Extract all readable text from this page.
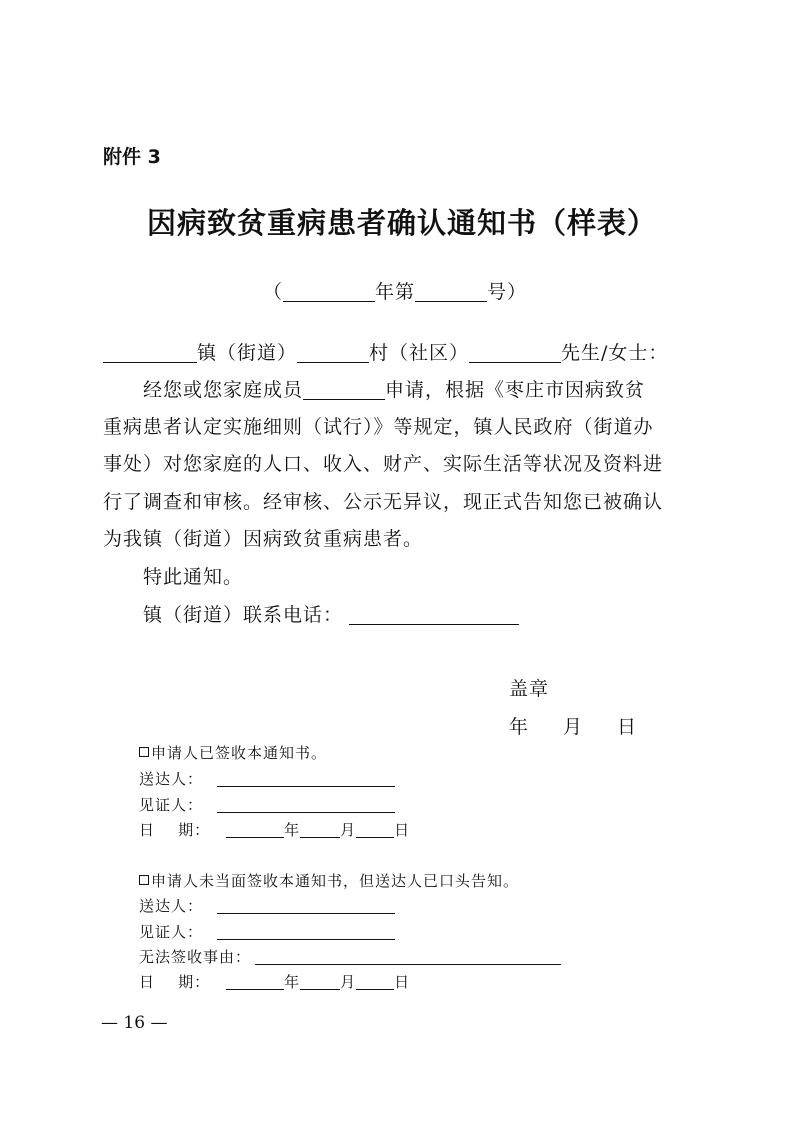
附件 3
因病致贫重病患者确认通知书（样表）
（	年第	号）
镇（街道）	村（社区）	先生/女士：
经您或您家庭成员	申请，根据《枣庄市因病致贫
重病患者认定实施细则（试行）》等规定，镇人民政府（街道办
事处）对您家庭的人口、收入、财产、实际生活等状况及资料进
行了调查和审核。经审核、公示无异议，现正式告知您已被确认
为我镇（街道）因病致贫重病患者。
特此通知。
镇（街道）联系电话：
盖章
年 月 日
申请人已签收本通知书。
送达人：
见证人：
日    期：	年	月	日
申请人未当面签收本通知书，但送达人已口头告知。
送达人：
见证人：
无法签收事由：
日    期：	年	月	日
— 16 —
